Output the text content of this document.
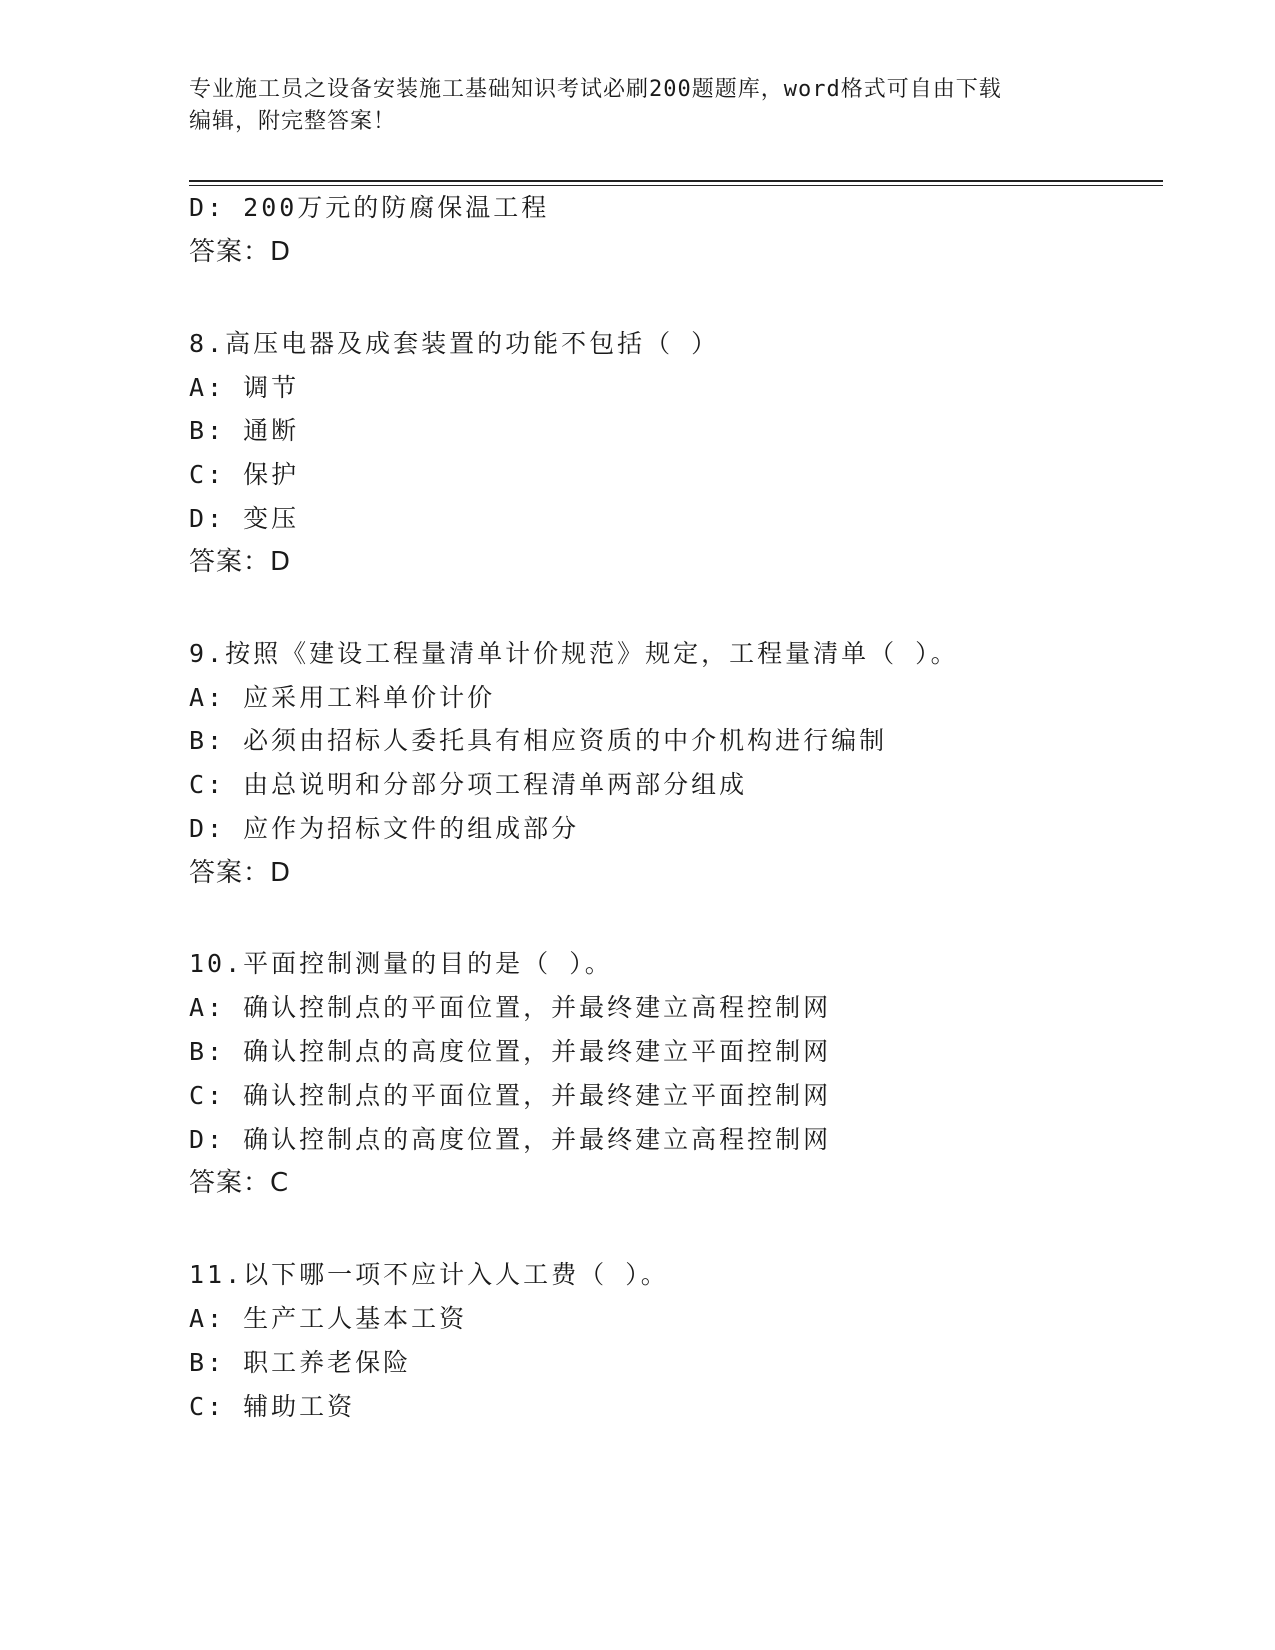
专业施工员之设备安装施工基础知识考试必刷200题题库，word格式可自由下载
编辑，附完整答案！
D: 200万元的防腐保温工程
答案：D
8.高压电器及成套装置的功能不包括（ ）
A: 调节
B: 通断
C: 保护
D: 变压
答案：D
9.按照《建设工程量清单计价规范》规定，工程量清单（ ）。
A: 应采用工料单价计价
B: 必须由招标人委托具有相应资质的中介机构进行编制
C: 由总说明和分部分项工程清单两部分组成
D: 应作为招标文件的组成部分
答案：D
10.平面控制测量的目的是（ ）。
A: 确认控制点的平面位置，并最终建立高程控制网
B: 确认控制点的高度位置，并最终建立平面控制网
C: 确认控制点的平面位置，并最终建立平面控制网
D: 确认控制点的高度位置，并最终建立高程控制网
答案：C
11.以下哪一项不应计入人工费（ ）。
A: 生产工人基本工资
B: 职工养老保险
C: 辅助工资
